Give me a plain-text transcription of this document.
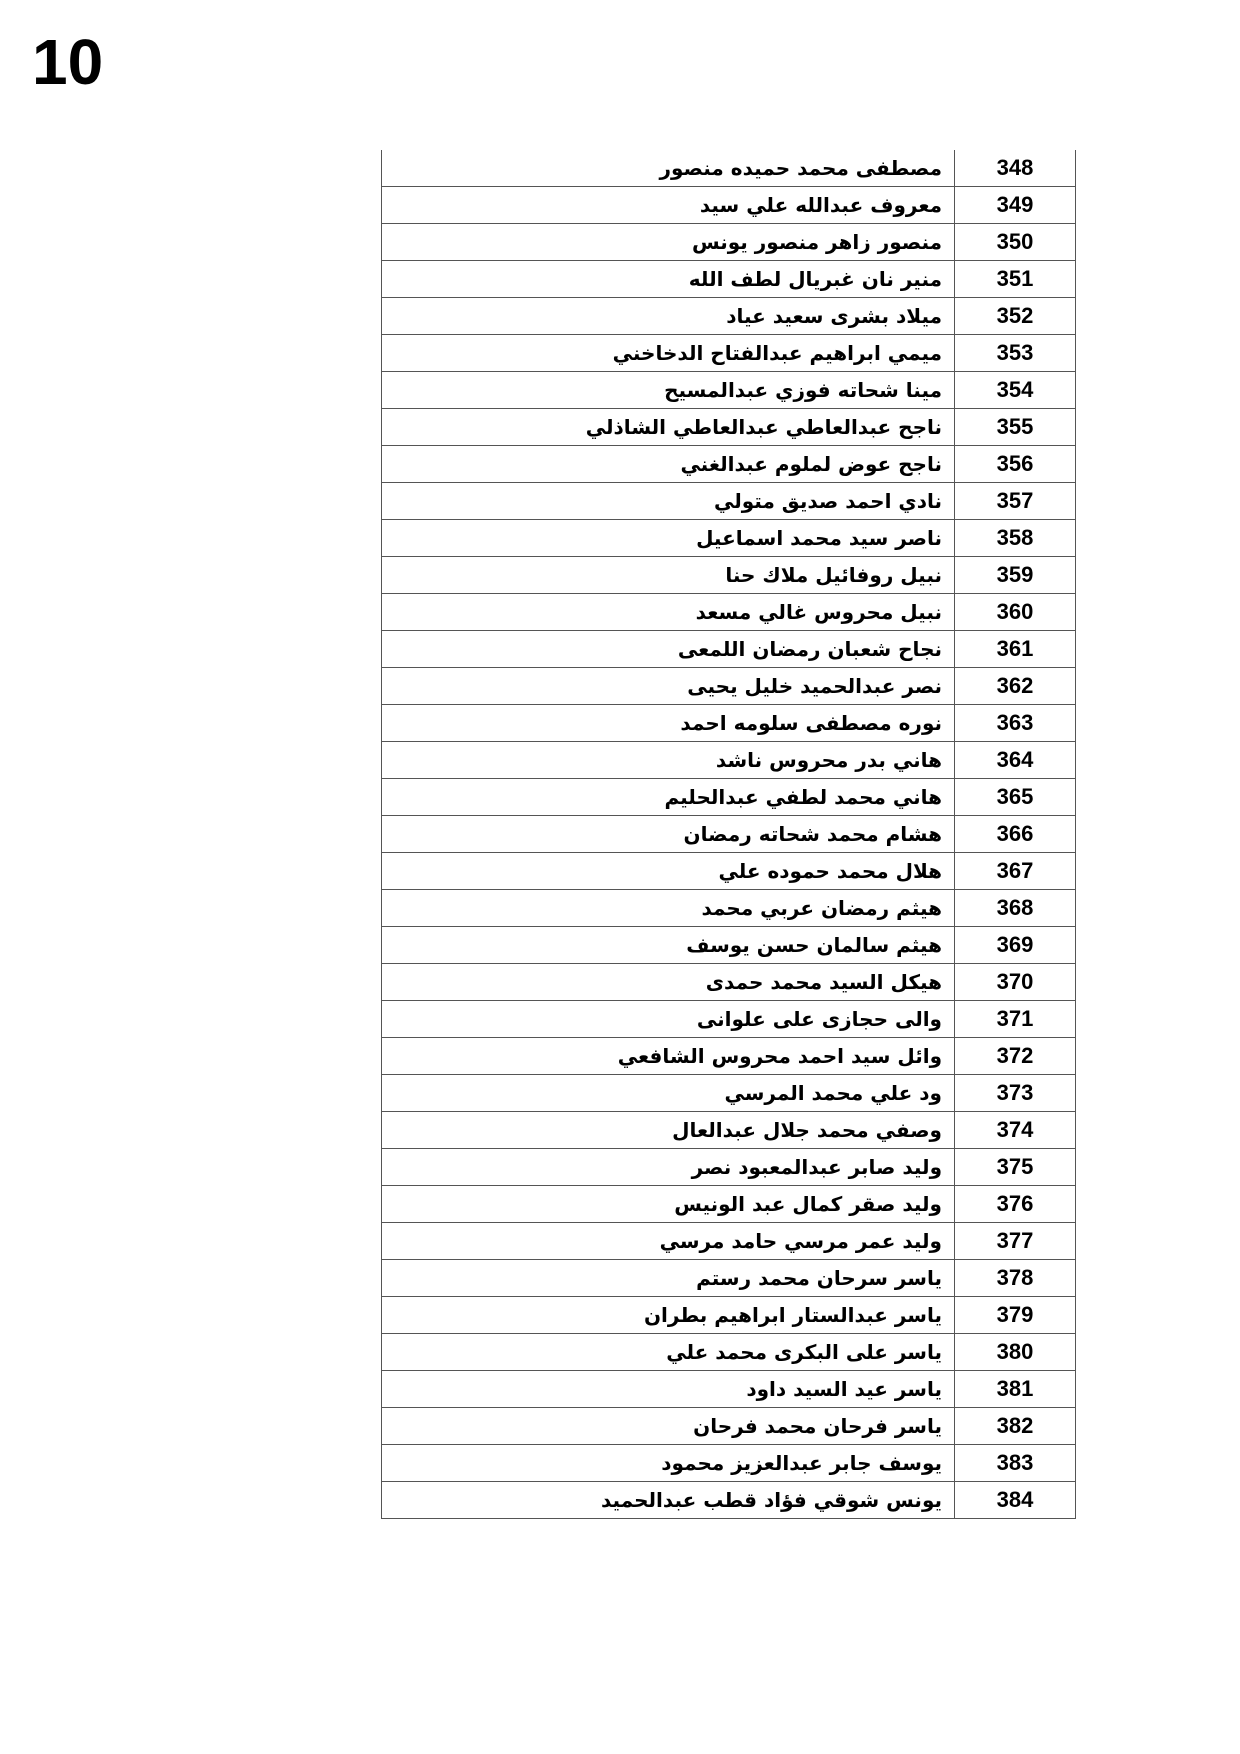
10
مصطفى محمد حميده منصور	348
معروف عبدالله علي سيد	349
منصور زاهر منصور يونس	350
منير نان غبريال لطف الله	351
ميلاد بشرى سعيد عياد	352
ميمي ابراهيم عبدالفتاح الدخاخني	353
مينا شحاته فوزي عبدالمسيح	354
ناجح عبدالعاطي عبدالعاطي الشاذلي	355
ناجح عوض لملوم عبدالغني	356
نادي احمد صديق متولي	357
ناصر سيد محمد اسماعيل	358
نبيل روفائيل ملاك حنا	359
نبيل محروس غالي مسعد	360
نجاح شعبان رمضان اللمعى	361
نصر عبدالحميد خليل يحيى	362
نوره مصطفى سلومه احمد	363
هاني بدر محروس ناشد	364
هاني محمد لطفي عبدالحليم	365
هشام محمد شحاته رمضان	366
هلال محمد حموده علي	367
هيثم رمضان عربي محمد	368
هيثم سالمان حسن يوسف	369
هيكل السيد محمد حمدى	370
والى حجازى على علوانى	371
وائل سيد احمد محروس الشافعي	372
ود علي محمد المرسي	373
وصفي محمد جلال عبدالعال	374
وليد صابر عبدالمعبود نصر	375
وليد صقر كمال عبد الونيس	376
وليد عمر مرسي حامد مرسي	377
ياسر سرحان محمد رستم	378
ياسر عبدالستار ابراهيم بطران	379
ياسر على البكرى محمد علي	380
ياسر عيد السيد داود	381
ياسر فرحان محمد فرحان	382
يوسف جابر عبدالعزيز محمود	383
يونس شوقي فؤاد قطب عبدالحميد	384
